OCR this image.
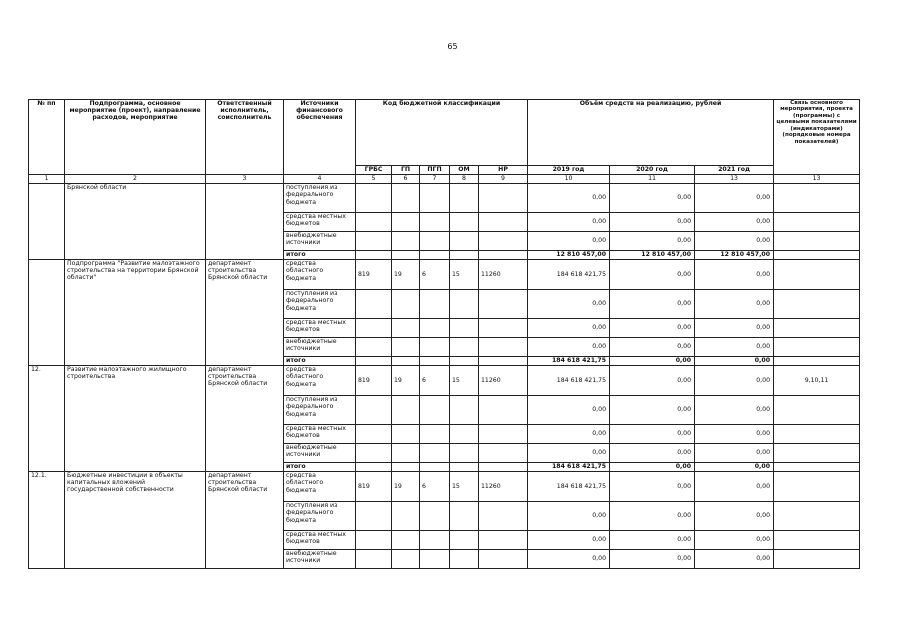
65
№ пп	Подпрограмма, основное мероприятие (проект), направление расходов, мероприятие	Ответственный исполнитель, соисполнитель	Источники финансового обеспечения	Код бюджетной классификации					Объём средств на реализацию, рублей			Связь основного мероприятия, проекта (программы) с целевыми показателями (индикаторами) (порядковые номера показателей)
				ГРБС	ГП	ПГП	ОМ	НР	2019 год	2020 год	2021 год	
1	2	3	4	5	6	7	8	9	10	11	13	13
	Брянской области		поступления из федерального бюджета						0,00	0,00	0,00	
			средства местных бюджетов						0,00	0,00	0,00	
			внебюджетные источники						0,00	0,00	0,00	
			итого						12 810 457,00	12 810 457,00	12 810 457,00	
	Подпрограмма "Развитие малоэтажного строительства на территории Брянской области"	департамент строительства Брянской области	средства областного бюджета	819	19	6	15	11260	184 618 421,75	0,00	0,00	
			поступления из федерального бюджета						0,00	0,00	0,00	
			средства местных бюджетов						0,00	0,00	0,00	
			внебюджетные источники						0,00	0,00	0,00	
			итого						184 618 421,75	0,00	0,00	
12.	Развитие малоэтажного жилищного строительства	департамент строительства Брянской области	средства областного бюджета	819	19	6	15	11260	184 618 421,75	0,00	0,00	9,10,11
			поступления из федерального бюджета						0,00	0,00	0,00	
			средства местных бюджетов						0,00	0,00	0,00	
			внебюджетные источники						0,00	0,00	0,00	
			итого						184 618 421,75	0,00	0,00	
12.1.	Бюджетные инвестиции в объекты капитальных вложений государственной собственности	департамент строительства Брянской области	средства областного бюджета	819	19	6	15	11260	184 618 421,75	0,00	0,00	
			поступления из федерального бюджета						0,00	0,00	0,00	
			средства местных бюджетов						0,00	0,00	0,00	
			внебюджетные источники						0,00	0,00	0,00	
